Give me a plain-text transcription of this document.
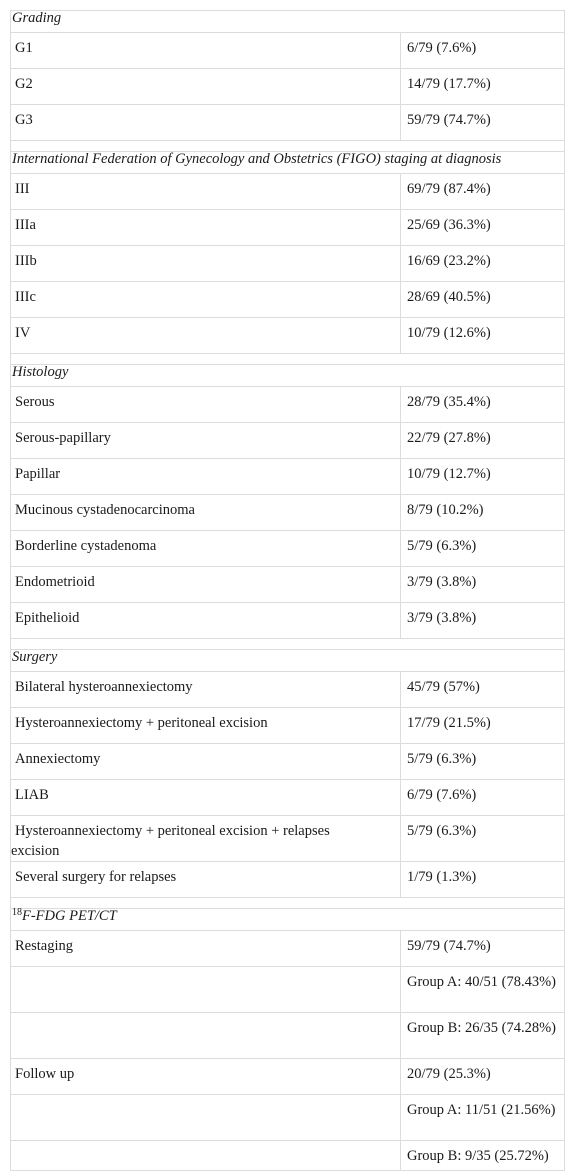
Grading	
G1	6/79 (7.6%)
G2	14/79 (17.7%)
G3	59/79 (74.7%)

International Federation of Gynecology and Obstetrics (FIGO) staging at diagnosis	
III	69/79 (87.4%)
IIIa	25/69 (36.3%)
IIIb	16/69 (23.2%)
IIIc	28/69 (40.5%)
IV	10/79 (12.6%)

Histology	
Serous	28/79 (35.4%)
Serous-papillary	22/79 (27.8%)
Papillar	10/79 (12.7%)
Mucinous cystadenocarcinoma	8/79 (10.2%)
Borderline cystadenoma	5/79 (6.3%)
Endometrioid	3/79 (3.8%)
Epithelioid	3/79 (3.8%)

Surgery	
Bilateral hysteroannexiectomy	45/79 (57%)
Hysteroannexiectomy + peritoneal excision	17/79 (21.5%)
Annexiectomy	5/79 (6.3%)
LIAB	6/79 (7.6%)
Hysteroannexiectomy + peritoneal excision + relapses
excision	5/79 (6.3%)
Several surgery for relapses	1/79 (1.3%)

$^{18}$F-FDG PET/CT	
Restaging	59/79 (74.7%)
	Group A: 40/51 (78.43%)
	Group B: 26/35 (74.28%)
Follow up	20/79 (25.3%)
	Group A: 11/51 (21.56%)
	Group B: 9/35 (25.72%)
